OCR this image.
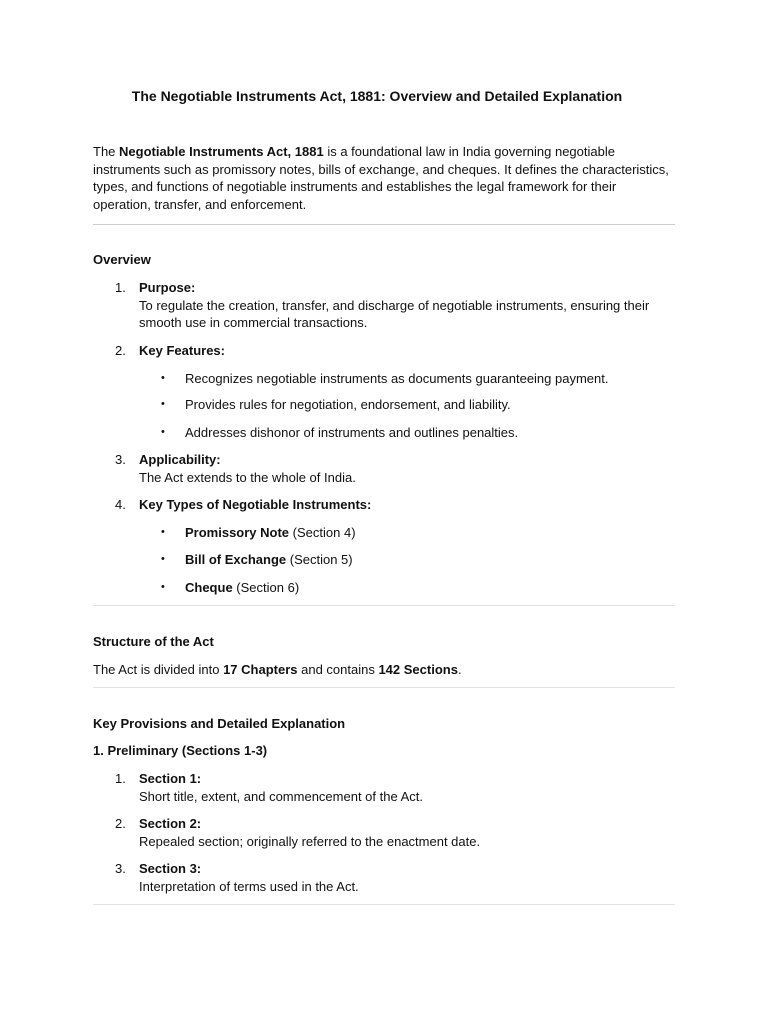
The Negotiable Instruments Act, 1881: Overview and Detailed Explanation

The Negotiable Instruments Act, 1881 is a foundational law in India governing negotiable
instruments such as promissory notes, bills of exchange, and cheques. It defines the characteristics,
types, and functions of negotiable instruments and establishes the legal framework for their
operation, transfer, and enforcement.

Overview

1. Purpose:

To regulate the creation, transfer, and discharge of negotiable instruments, ensuring their

smooth use in commercial transactions.

2. Key Features:

• Recognizes negotiable instruments as documents guaranteeing payment.

• Provides rules for negotiation, endorsement, and liability.

• Addresses dishonor of instruments and outlines penalties.

3. Applicability:

The Act extends to the whole of India.

4. Key Types of Negotiable Instruments:

• Promissory Note (Section 4)

• Bill of Exchange (Section 5)

• Cheque (Section 6)

Structure of the Act

The Act is divided into 17 Chapters and contains 142 Sections.

Key Provisions and Detailed Explanation

1. Preliminary (Sections 1-3)

1. Section 1:

Short title, extent, and commencement of the Act.

2. Section 2:

Repealed section; originally referred to the enactment date.

3. Section 3:

Interpretation of terms used in the Act.
